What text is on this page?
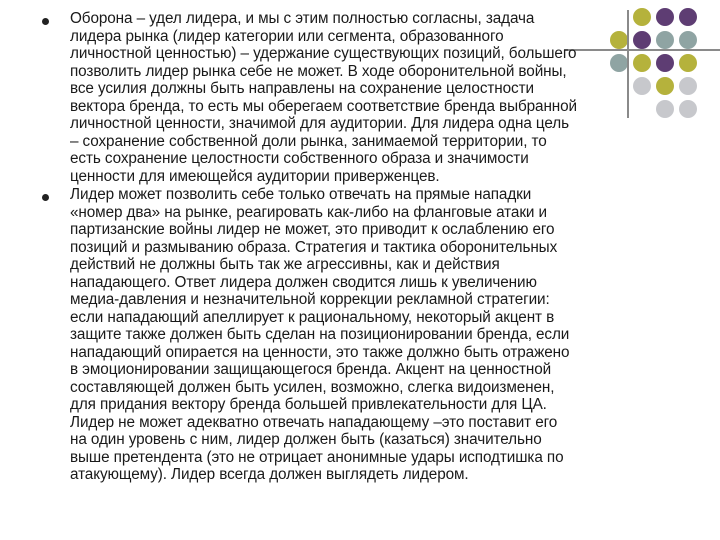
Оборона – удел лидера, и мы с этим полностью согласны, задача
лидера рынка (лидер категории или сегмента, образованного
личностной ценностью) – удержание существующих позиций, большего
позволить лидер рынка себе не может. В ходе оборонительной войны,
все усилия должны быть направлены на сохранение целостности
вектора бренда, то есть мы оберегаем соответствие бренда выбранной
личностной ценности, значимой для аудитории. Для лидера одна цель
– сохранение собственной доли рынка, занимаемой территории, то
есть сохранение целостности собственного образа и значимости
ценности для имеющейся аудитории приверженцев.
Лидер может позволить себе только отвечать на прямые нападки
«номер два» на рынке, реагировать как-либо на фланговые атаки и
партизанские войны лидер не может, это приводит к ослаблению его
позиций и размыванию образа. Стратегия и тактика оборонительных
действий не должны быть так же агрессивны, как и действия
нападающего. Ответ лидера должен сводится лишь к увеличению
медиа-давления и незначительной коррекции рекламной стратегии:
если нападающий апеллирует к рациональному, некоторый акцент в
защите также должен быть сделан на позиционировании бренда, если
нападающий опирается на ценности, это также должно быть отражено
в эмоционировании защищающегося бренда. Акцент на ценностной
составляющей должен быть усилен, возможно, слегка видоизменен,
для придания вектору бренда большей привлекательности для ЦА.
Лидер не может адекватно отвечать нападающему –это поставит его
на один уровень с ним, лидер должен быть (казаться) значительно
выше претендента (это не отрицает анонимные удары исподтишка по
атакующему). Лидер всегда должен выглядеть лидером.
